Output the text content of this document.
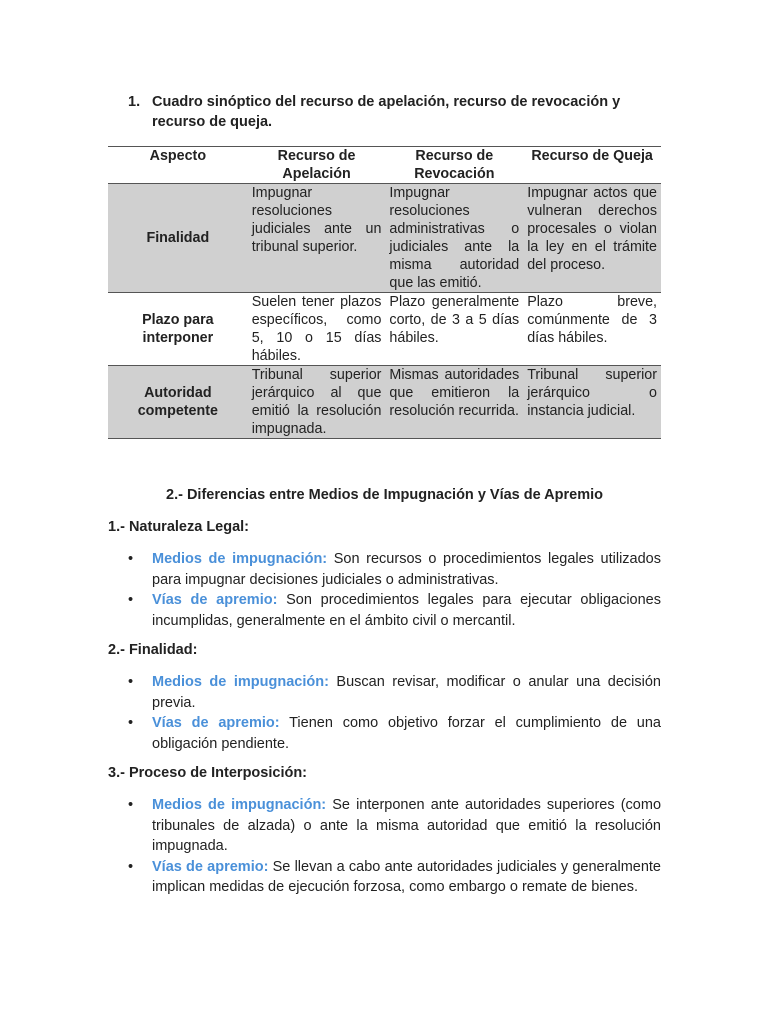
1. Cuadro sinóptico del recurso de apelación, recurso de revocación y recurso de queja.
Aspecto	Recurso de Apelación	Recurso de Revocación	Recurso de Queja
Finalidad	Impugnar resoluciones judiciales ante un tribunal superior.	Impugnar resoluciones administrativas o judiciales ante la misma autoridad que las emitió.	Impugnar actos que vulneran derechos procesales o violan la ley en el trámite del proceso.
Plazo para interponer	Suelen tener plazos específicos, como 5, 10 o 15 días hábiles.	Plazo generalmente corto, de 3 a 5 días hábiles.	Plazo breve, comúnmente de 3 días hábiles.
Autoridad competente	Tribunal superior jerárquico al que emitió la resolución impugnada.	Mismas autoridades que emitieron la resolución recurrida.	Tribunal superior jerárquico o instancia judicial.
2.- Diferencias entre Medios de Impugnación y Vías de Apremio
1.- Naturaleza Legal:
• Medios de impugnación: Son recursos o procedimientos legales utilizados para impugnar decisiones judiciales o administrativas.
• Vías de apremio: Son procedimientos legales para ejecutar obligaciones incumplidas, generalmente en el ámbito civil o mercantil.
2.- Finalidad:
• Medios de impugnación: Buscan revisar, modificar o anular una decisión previa.
• Vías de apremio: Tienen como objetivo forzar el cumplimiento de una obligación pendiente.
3.- Proceso de Interposición:
• Medios de impugnación: Se interponen ante autoridades superiores (como tribunales de alzada) o ante la misma autoridad que emitió la resolución impugnada.
• Vías de apremio: Se llevan a cabo ante autoridades judiciales y generalmente implican medidas de ejecución forzosa, como embargo o remate de bienes.
